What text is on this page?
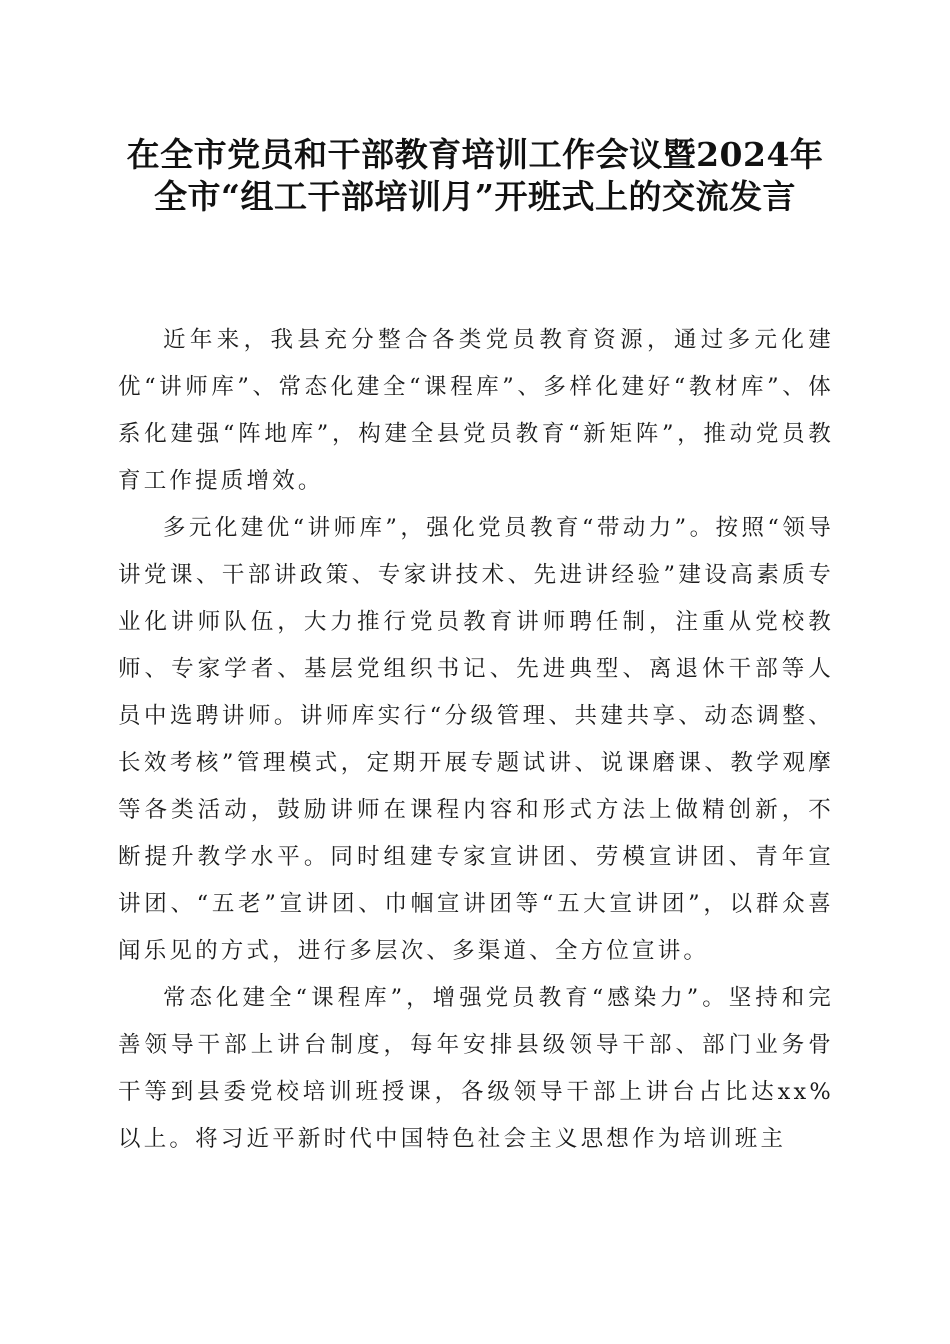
在全市党员和干部教育培训工作会议暨2024年全市“组工干部培训月”开班式上的交流发言

近年来，我县充分整合各类党员教育资源，通过多元化建优“讲师库”、常态化建全“课程库”、多样化建好“教材库”、体系化建强“阵地库”，构建全县党员教育“新矩阵”，推动党员教育工作提质增效。

多元化建优“讲师库”，强化党员教育“带动力”。按照“领导讲党课、干部讲政策、专家讲技术、先进讲经验”建设高素质专业化讲师队伍，大力推行党员教育讲师聘任制，注重从党校教师、专家学者、基层党组织书记、先进典型、离退休干部等人员中选聘讲师。讲师库实行“分级管理、共建共享、动态调整、长效考核”管理模式，定期开展专题试讲、说课磨课、教学观摩等各类活动，鼓励讲师在课程内容和形式方法上做精创新，不断提升教学水平。同时组建专家宣讲团、劳模宣讲团、青年宣讲团、“五老”宣讲团、巾帼宣讲团等“五大宣讲团”，以群众喜闻乐见的方式，进行多层次、多渠道、全方位宣讲。

常态化建全“课程库”，增强党员教育“感染力”。坚持和完善领导干部上讲台制度，每年安排县级领导干部、部门业务骨干等到县委党校培训班授课，各级领导干部上讲台占比达xx%以上。将习近平新时代中国特色社会主义思想作为培训班主
